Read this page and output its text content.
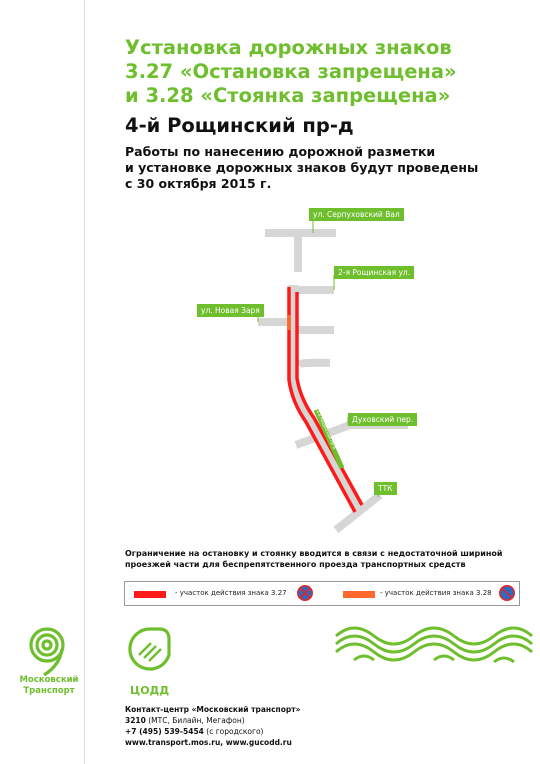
Установка дорожных знаков
3.27 «Остановка запрещена»
и 3.28 «Стоянка запрещена»
4-й Рощинский пр-д
Работы по нанесению дорожной разметки
и установке дорожных знаков будут проведены
с 30 октября 2015 г.
4-й Рощинский пр-д
ул. Серпуховский Вал
2-я Рощинская ул.
ул. Новая Заря
Духовский пер.
ТТК
Ограничение на остановку и стоянку вводится в связи с недостаточной шириной
проезжей части для беспрепятственного проезда транспортных средств
- участок действия знака 3.27	- участок действия знака 3.28
Московский
Транспорт	ЦОДД
Контакт-центр «Московский транспорт»
3210 (МТС, Билайн, Мегафон)
+7 (495) 539-5454 (с городского)
www.transport.mos.ru, www.gucodd.ru
